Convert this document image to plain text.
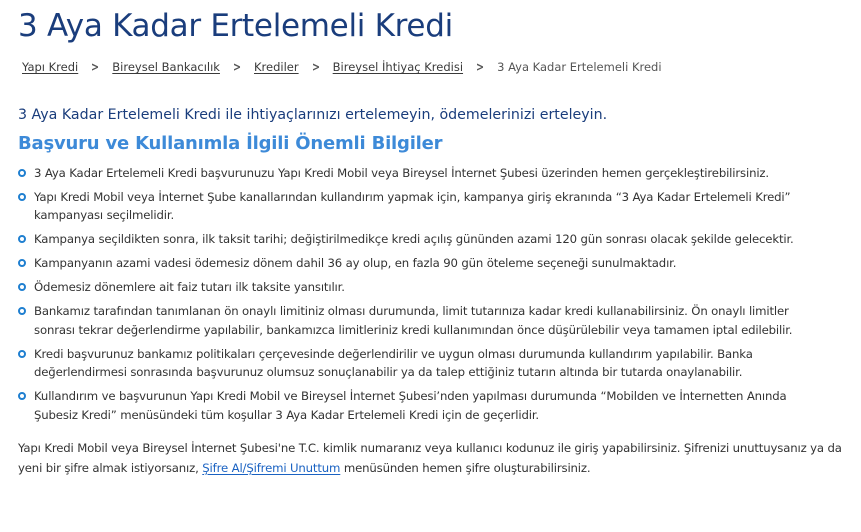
3 Aya Kadar Ertelemeli Kredi
Yapı Kredi > Bireysel Bankacılık > Krediler > Bireysel İhtiyaç Kredisi > 3 Aya Kadar Ertelemeli Kredi

3 Aya Kadar Ertelemeli Kredi ile ihtiyaçlarınızı ertelemeyin, ödemelerinizi erteleyin.

Başvuru ve Kullanımla İlgili Önemli Bilgiler
3 Aya Kadar Ertelemeli Kredi başvurunuzu Yapı Kredi Mobil veya Bireysel İnternet Şubesi üzerinden hemen gerçekleştirebilirsiniz.
Yapı Kredi Mobil veya İnternet Şube kanallarından kullandırım yapmak için, kampanya giriş ekranında “3 Aya Kadar Ertelemeli Kredi” kampanyası seçilmelidir.
Kampanya seçildikten sonra, ilk taksit tarihi; değiştirilmedikçe kredi açılış gününden azami 120 gün sonrası olacak şekilde gelecektir.
Kampanyanın azami vadesi ödemesiz dönem dahil 36 ay olup, en fazla 90 gün öteleme seçeneği sunulmaktadır.
Ödemesiz dönemlere ait faiz tutarı ilk taksite yansıtılır.
Bankamız tarafından tanımlanan ön onaylı limitiniz olması durumunda, limit tutarınıza kadar kredi kullanabilirsiniz. Ön onaylı limitler sonrası tekrar değerlendirme yapılabilir, bankamızca limitleriniz kredi kullanımından önce düşürülebilir veya tamamen iptal edilebilir.
Kredi başvurunuz bankamız politikaları çerçevesinde değerlendirilir ve uygun olması durumunda kullandırım yapılabilir. Banka değerlendirmesi sonrasında başvurunuz olumsuz sonuçlanabilir ya da talep ettiğiniz tutarın altında bir tutarda onaylanabilir.
Kullandırım ve başvurunun Yapı Kredi Mobil ve Bireysel İnternet Şubesi’nden yapılması durumunda “Mobilden ve İnternetten Anında Şubesiz Kredi” menüsündeki tüm koşullar 3 Aya Kadar Ertelemeli Kredi için de geçerlidir.

Yapı Kredi Mobil veya Bireysel İnternet Şubesi'ne T.C. kimlik numaranız veya kullanıcı kodunuz ile giriş yapabilirsiniz. Şifrenizi unuttuysanız ya da yeni bir şifre almak istiyorsanız, Şifre Al/Şifremi Unuttum menüsünden hemen şifre oluşturabilirsiniz.
